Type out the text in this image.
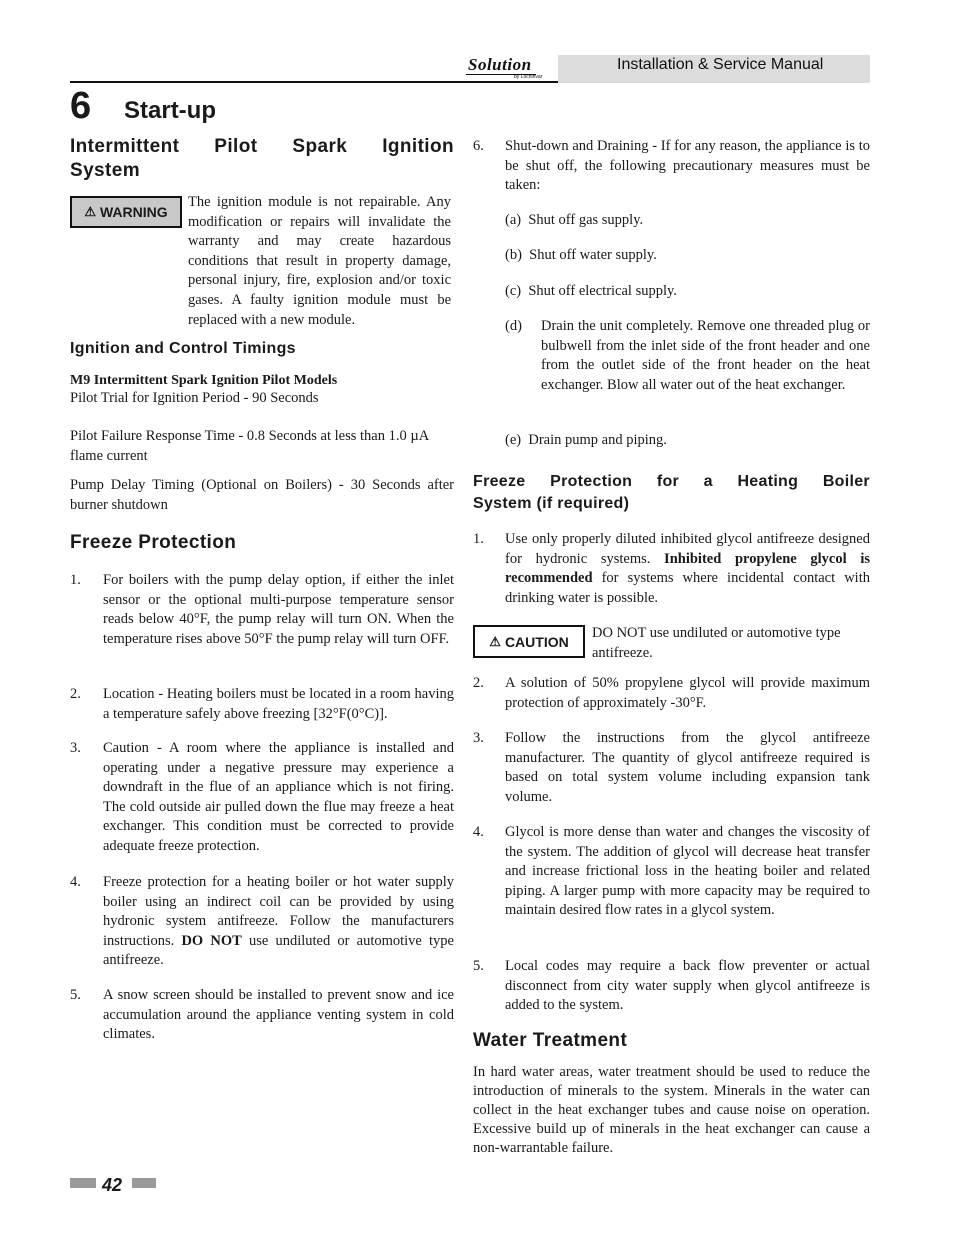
Solution
by Lochinvar
Installation & Service Manual
6 Start-up
Intermittent Pilot Spark Ignition
System
⚠ WARNING
The ignition module is not repairable. Any modification or repairs will invalidate the warranty and may create hazardous conditions that result in property damage, personal injury, fire, explosion and/or toxic gases. A faulty ignition module must be replaced with a new module.
Ignition and Control Timings
M9 Intermittent Spark Ignition Pilot Models
Pilot Trial for Ignition Period - 90 Seconds
Pilot Failure Response Time - 0.8 Seconds at less than 1.0 µA flame current
Pump Delay Timing (Optional on Boilers) - 30 Seconds after burner shutdown
Freeze Protection
1. For boilers with the pump delay option, if either the inlet sensor or the optional multi-purpose temperature sensor reads below 40°F, the pump relay will turn ON. When the temperature rises above 50°F the pump relay will turn OFF.
2. Location - Heating boilers must be located in a room having a temperature safely above freezing [32°F(0°C)].
3. Caution - A room where the appliance is installed and operating under a negative pressure may experience a downdraft in the flue of an appliance which is not firing. The cold outside air pulled down the flue may freeze a heat exchanger. This condition must be corrected to provide adequate freeze protection.
4. Freeze protection for a heating boiler or hot water supply boiler using an indirect coil can be provided by using hydronic system antifreeze. Follow the manufacturers instructions. DO NOT use undiluted or automotive type antifreeze.
5. A snow screen should be installed to prevent snow and ice accumulation around the appliance venting system in cold climates.
6. Shut-down and Draining - If for any reason, the appliance is to be shut off, the following precautionary measures must be taken:
(a) Shut off gas supply.
(b) Shut off water supply.
(c) Shut off electrical supply.
(d) Drain the unit completely. Remove one threaded plug or bulbwell from the inlet side of the front header and one from the outlet side of the front header on the heat exchanger. Blow all water out of the heat exchanger.
(e) Drain pump and piping.
Freeze Protection for a Heating Boiler
System (if required)
1. Use only properly diluted inhibited glycol antifreeze designed for hydronic systems. Inhibited propylene glycol is recommended for systems where incidental contact with drinking water is possible.
⚠ CAUTION
DO NOT use undiluted or automotive type antifreeze.
2. A solution of 50% propylene glycol will provide maximum protection of approximately -30°F.
3. Follow the instructions from the glycol antifreeze manufacturer. The quantity of glycol antifreeze required is based on total system volume including expansion tank volume.
4. Glycol is more dense than water and changes the viscosity of the system. The addition of glycol will decrease heat transfer and increase frictional loss in the heating boiler and related piping. A larger pump with more capacity may be required to maintain desired flow rates in a glycol system.
5. Local codes may require a back flow preventer or actual disconnect from city water supply when glycol antifreeze is added to the system.
Water Treatment
In hard water areas, water treatment should be used to reduce the introduction of minerals to the system. Minerals in the water can collect in the heat exchanger tubes and cause noise on operation. Excessive build up of minerals in the heat exchanger can cause a non-warrantable failure.
42
